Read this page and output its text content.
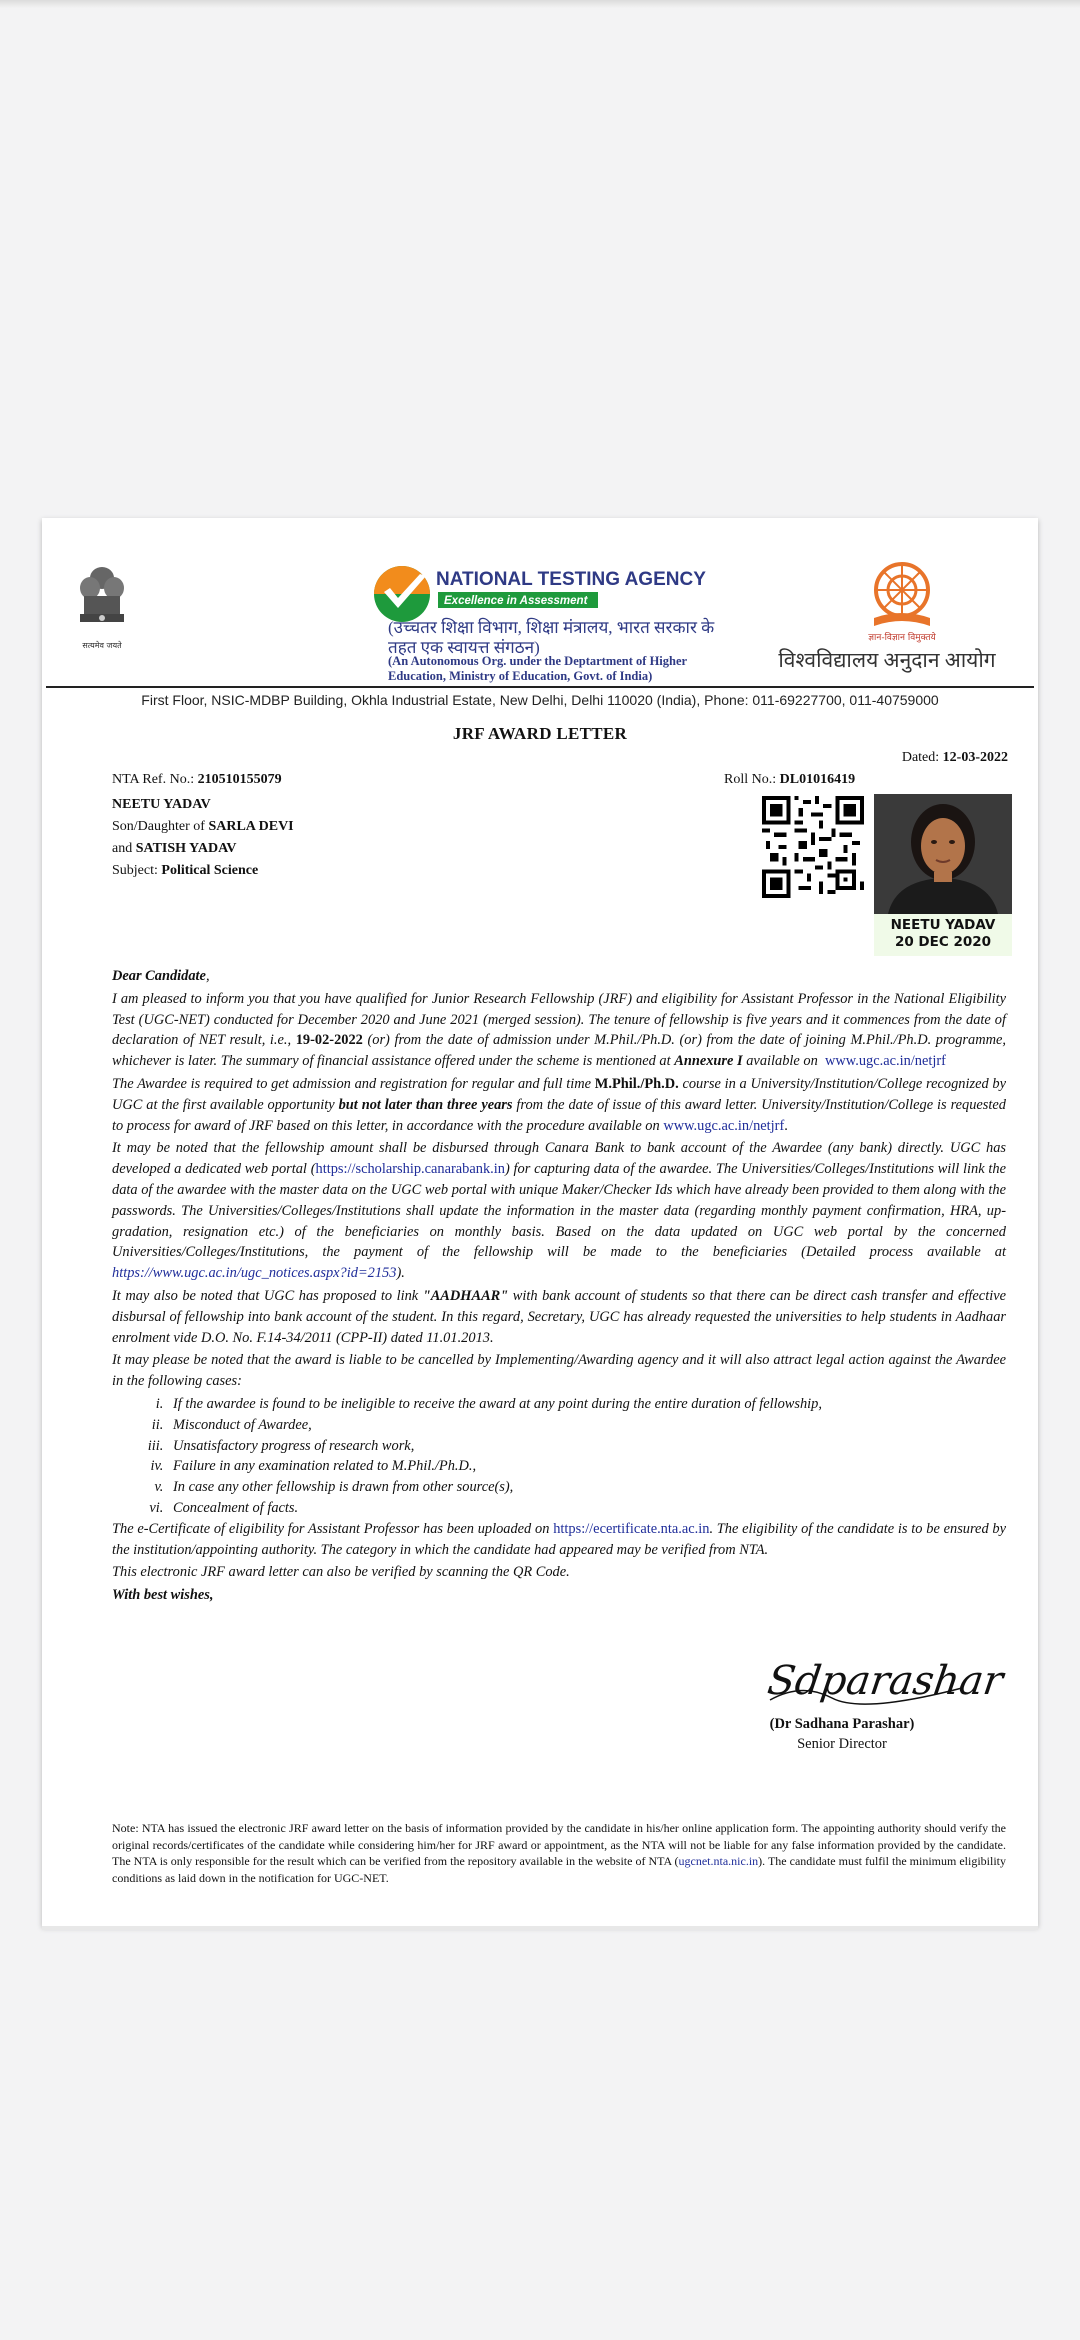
सत्यमेव जयते
NATIONAL TESTING AGENCY
Excellence in Assessment
(उच्चतर शिक्षा विभाग, शिक्षा मंत्रालय, भारत सरकार के तहत एक स्वायत्त संगठन)
(An Autonomous Org. under the Deptartment of Higher Education, Ministry of Education, Govt. of India)
ज्ञान-विज्ञान विमुक्तये
विश्वविद्यालय अनुदान आयोग
First Floor, NSIC-MDBP Building, Okhla Industrial Estate, New Delhi, Delhi 110020 (India), Phone: 011-69227700, 011-40759000
JRF AWARD LETTER
Dated: 12-03-2022
NTA Ref. No.: 210510155079	Roll No.: DL01016419
NEETU YADAV
Son/Daughter of SARLA DEVI
and SATISH YADAV
Subject: Political Science
NEETU YADAV
20 DEC 2020

Dear Candidate,

I am pleased to inform you that you have qualified for Junior Research Fellowship (JRF) and eligibility for Assistant Professor in the National Eligibility Test (UGC-NET) conducted for December 2020 and June 2021 (merged session). The tenure of fellowship is five years and it commences from the date of declaration of NET result, i.e., 19-02-2022 (or) from the date of admission under M.Phil./Ph.D. (or) from the date of joining M.Phil./Ph.D. programme, whichever is later. The summary of financial assistance offered under the scheme is mentioned at Annexure I available on www.ugc.ac.in/netjrf

The Awardee is required to get admission and registration for regular and full time M.Phil./Ph.D. course in a University/Institution/College recognized by UGC at the first available opportunity but not later than three years from the date of issue of this award letter. University/Institution/College is requested to process for award of JRF based on this letter, in accordance with the procedure available on www.ugc.ac.in/netjrf.

It may be noted that the fellowship amount shall be disbursed through Canara Bank to bank account of the Awardee (any bank) directly. UGC has developed a dedicated web portal (https://scholarship.canarabank.in) for capturing data of the awardee. The Universities/Colleges/Institutions will link the data of the awardee with the master data on the UGC web portal with unique Maker/Checker Ids which have already been provided to them along with the passwords. The Universities/Colleges/Institutions shall update the information in the master data (regarding monthly payment confirmation, HRA, up-gradation, resignation etc.) of the beneficiaries on monthly basis. Based on the data updated on UGC web portal by the concerned Universities/Colleges/Institutions, the payment of the fellowship will be made to the beneficiaries (Detailed process available at https://www.ugc.ac.in/ugc_notices.aspx?id=2153).

It may also be noted that UGC has proposed to link "AADHAAR" with bank account of students so that there can be direct cash transfer and effective disbursal of fellowship into bank account of the student. In this regard, Secretary, UGC has already requested the universities to help students in Aadhaar enrolment vide D.O. No. F.14-34/2011 (CPP-II) dated 11.01.2013.

It may please be noted that the award is liable to be cancelled by Implementing/Awarding agency and it will also attract legal action against the Awardee in the following cases:

i. If the awardee is found to be ineligible to receive the award at any point during the entire duration of fellowship,
ii. Misconduct of Awardee,
iii. Unsatisfactory progress of research work,
iv. Failure in any examination related to M.Phil./Ph.D.,
v. In case any other fellowship is drawn from other source(s),
vi. Concealment of facts.

The e-Certificate of eligibility for Assistant Professor has been uploaded on https://ecertificate.nta.ac.in. The eligibility of the candidate is to be ensured by the institution/appointing authority. The category in which the candidate had appeared may be verified from NTA.

This electronic JRF award letter can also be verified by scanning the QR Code.

With best wishes,

Sdparashar
(Dr Sadhana Parashar)
Senior Director
Note: NTA has issued the electronic JRF award letter on the basis of information provided by the candidate in his/her online application form. The appointing authority should verify the original records/certificates of the candidate while considering him/her for JRF award or appointment, as the NTA will not be liable for any false information provided by the candidate. The NTA is only responsible for the result which can be verified from the repository available in the website of NTA (ugcnet.nta.nic.in). The candidate must fulfil the minimum eligibility conditions as laid down in the notification for UGC-NET.
